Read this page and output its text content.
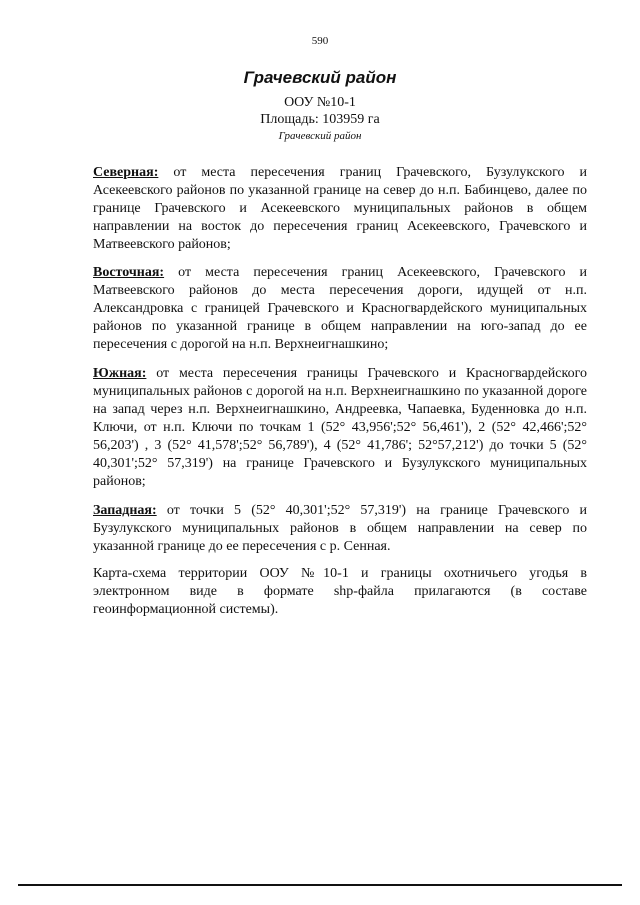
590
Грачевский район
ООУ №10-1
Площадь: 103959 га
Грачевский район

Северная: от места пересечения границ Грачевского, Бузулукского и Асекеевского районов по указанной границе на север до н.п. Бабинцево, далее по границе Грачевского и Асекеевского муниципальных районов в общем направлении на восток до пересечения границ Асекеевского, Грачевского и Матвеевского районов;

Восточная: от места пересечения границ Асекеевского, Грачевского и Матвеевского районов до места пересечения дороги, идущей от н.п. Александровка с границей Грачевского и Красногвардейского муниципальных районов по указанной границе в общем направлении на юго-запад до ее пересечения с дорогой на н.п. Верхнеигнашкино;

Южная: от места пересечения границы Грачевского и Красногвардейского муниципальных районов с дорогой на н.п. Верхнеигнашкино по указанной дороге на запад через н.п. Верхнеигнашкино, Андреевка, Чапаевка, Буденновка до н.п. Ключи, от н.п. Ключи по точкам 1 (52° 43,956';52° 56,461'), 2 (52° 42,466';52° 56,203') , 3 (52° 41,578';52° 56,789'), 4 (52° 41,786'; 52°57,212') до точки 5 (52° 40,301';52° 57,319') на границе Грачевского и Бузулукского муниципальных районов;

Западная: от точки 5 (52° 40,301';52° 57,319') на границе Грачевского и Бузулукского муниципальных районов в общем направлении на север по указанной границе до ее пересечения с р. Сенная.

Карта-схема территории ООУ №10-1 и границы охотничьего угодья в электронном виде в формате shp-файла прилагаются (в составе геоинформационной системы).
